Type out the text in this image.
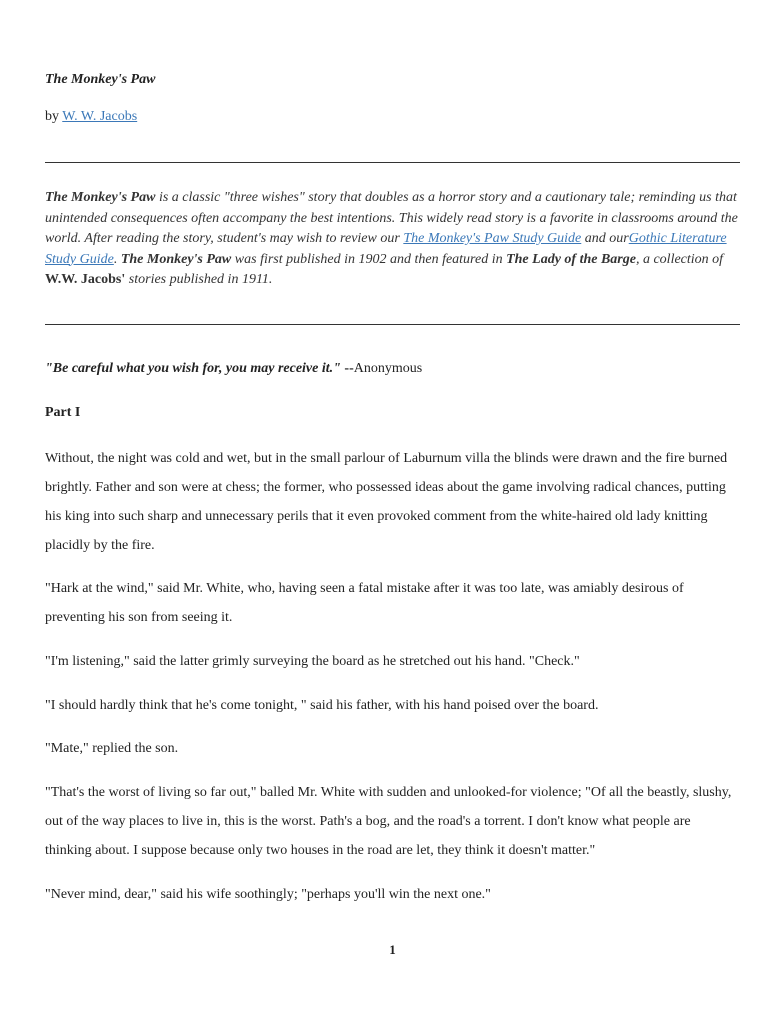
The Monkey's Paw
by W. W. Jacobs
The Monkey's Paw is a classic "three wishes" story that doubles as a horror story and a cautionary tale; reminding us that unintended consequences often accompany the best intentions. This widely read story is a favorite in classrooms around the world. After reading the story, student's may wish to review our The Monkey's Paw Study Guide and ourGothic Literature Study Guide. The Monkey's Paw was first published in 1902 and then featured in The Lady of the Barge, a collection of W.W. Jacobs' stories published in 1911.
"Be careful what you wish for, you may receive it." --Anonymous
Part I

Without, the night was cold and wet, but in the small parlour of Laburnum villa the blinds were drawn and the fire burned brightly. Father and son were at chess; the former, who possessed ideas about the game involving radical chances, putting his king into such sharp and unnecessary perils that it even provoked comment from the white-haired old lady knitting placidly by the fire.

"Hark at the wind," said Mr. White, who, having seen a fatal mistake after it was too late, was amiably desirous of preventing his son from seeing it.

"I'm listening," said the latter grimly surveying the board as he stretched out his hand. "Check."

"I should hardly think that he's come tonight, " said his father, with his hand poised over the board.

"Mate," replied the son.

"That's the worst of living so far out," balled Mr. White with sudden and unlooked-for violence; "Of all the beastly, slushy, out of the way places to live in, this is the worst. Path's a bog, and the road's a torrent. I don't know what people are thinking about. I suppose because only two houses in the road are let, they think it doesn't matter."

"Never mind, dear," said his wife soothingly; "perhaps you'll win the next one."

1
